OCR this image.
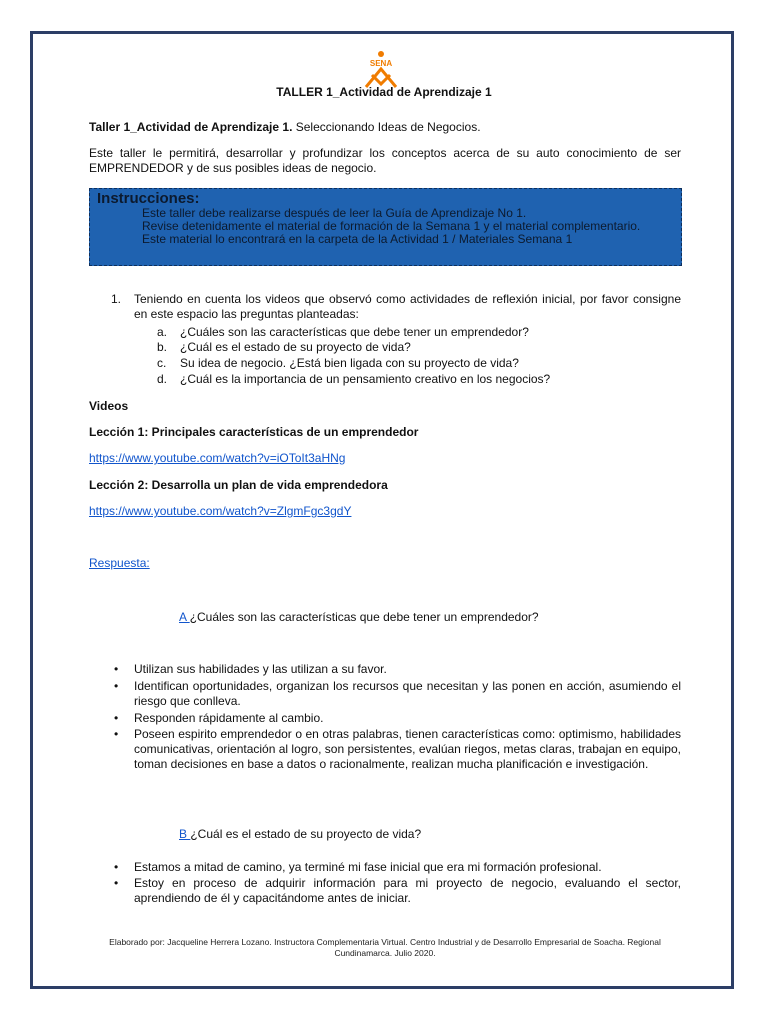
SENA
TALLER 1_Actividad de Aprendizaje 1
Taller 1_Actividad de Aprendizaje 1. Seleccionando Ideas de Negocios.
Este taller le permitirá, desarrollar y profundizar los conceptos acerca de su auto conocimiento de ser EMPRENDEDOR y de sus posibles ideas de negocio.
Instrucciones:
Este taller debe realizarse después de leer la Guía de Aprendizaje No 1.
Revise detenidamente el material de formación de la Semana 1 y el material complementario.
Este material lo encontrará en la carpeta de la Actividad 1 / Materiales Semana 1
1. Teniendo en cuenta los videos que observó como actividades de reflexión inicial, por favor consigne en este espacio las preguntas planteadas:
a. ¿Cuáles son las características que debe tener un emprendedor?
b. ¿Cuál es el estado de su proyecto de vida?
c. Su idea de negocio. ¿Está bien ligada con su proyecto de vida?
d. ¿Cuál es la importancia de un pensamiento creativo en los negocios?
Videos
Lección 1: Principales características de un emprendedor
https://www.youtube.com/watch?v=iOToIt3aHNg
Lección 2: Desarrolla un plan de vida emprendedora
https://www.youtube.com/watch?v=ZlgmFgc3gdY
Respuesta:
A ¿Cuáles son las características que debe tener un emprendedor?
• Utilizan sus habilidades y las utilizan a su favor.
• Identifican oportunidades, organizan los recursos que necesitan y las ponen en acción, asumiendo el riesgo que conlleva.
• Responden rápidamente al cambio.
• Poseen espirito emprendedor o en otras palabras, tienen características como: optimismo, habilidades comunicativas, orientación al logro, son persistentes, evalúan riegos, metas claras, trabajan en equipo, toman decisiones en base a datos o racionalmente, realizan mucha planificación e investigación.
B ¿Cuál es el estado de su proyecto de vida?
• Estamos a mitad de camino, ya terminé mi fase inicial que era mi formación profesional.
• Estoy en proceso de adquirir información para mi proyecto de negocio, evaluando el sector, aprendiendo de él y capacitándome antes de iniciar.
Elaborado por: Jacqueline Herrera Lozano. Instructora Complementaria Virtual. Centro Industrial y de Desarrollo Empresarial de Soacha. Regional Cundinamarca. Julio 2020.
